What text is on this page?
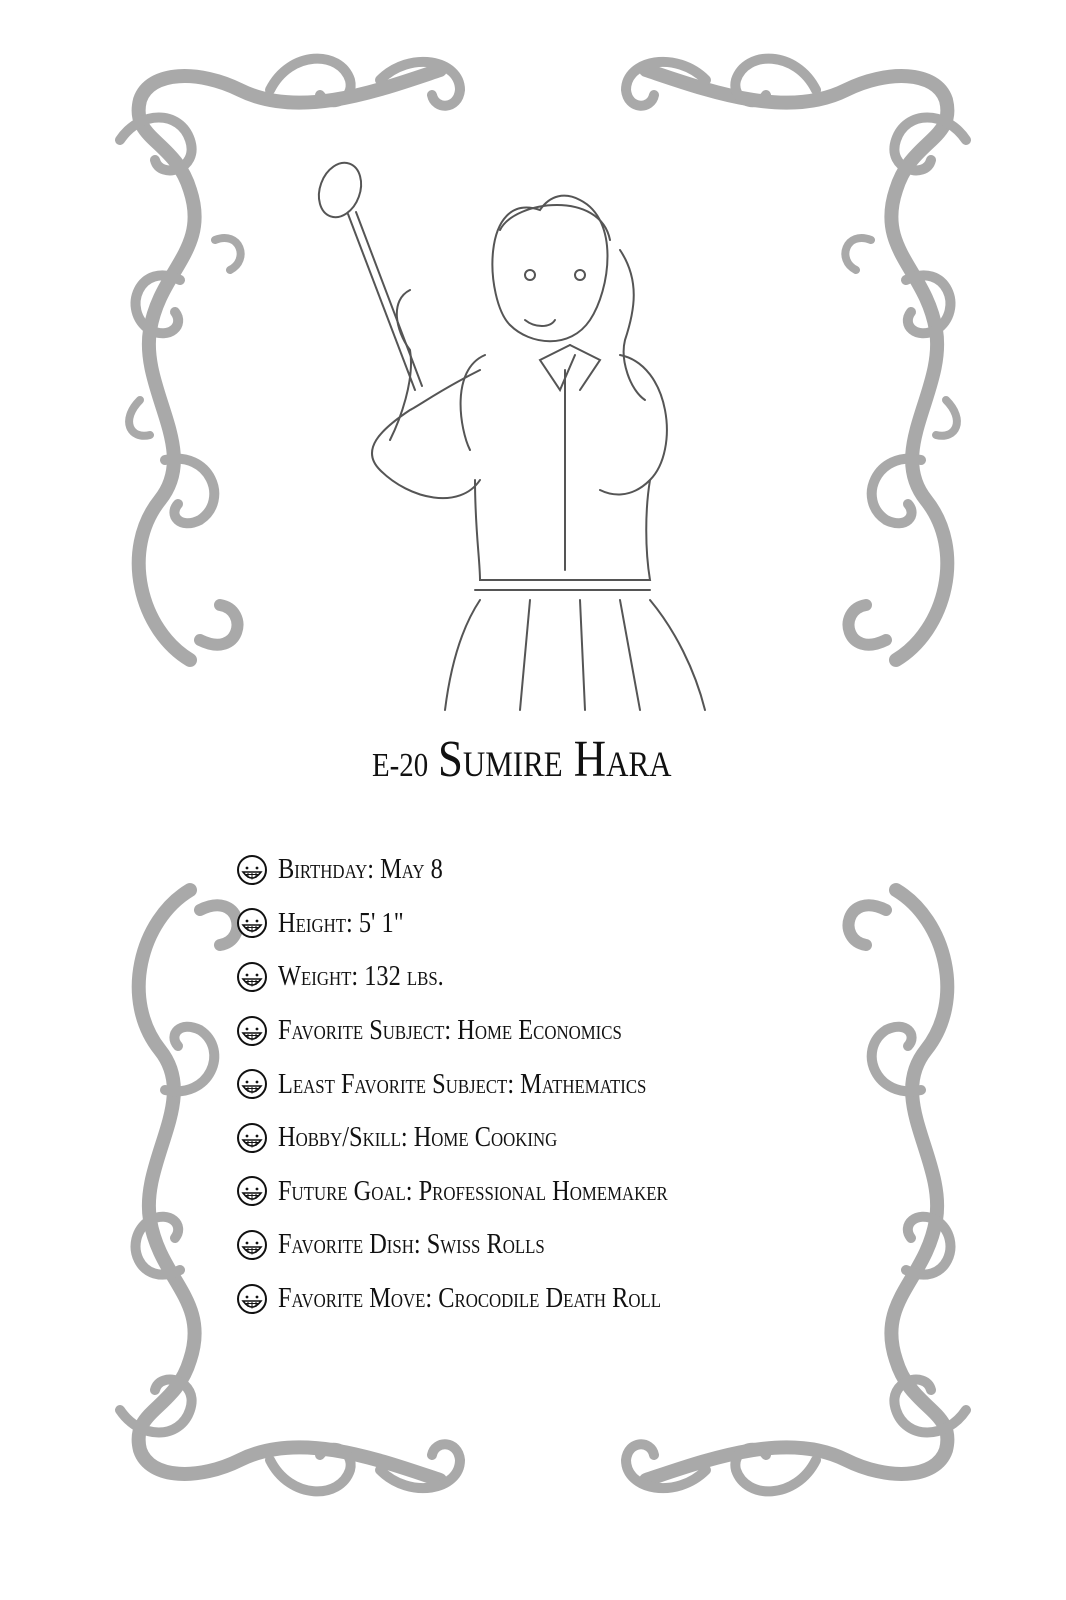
E-20 Sumire Hara
Birthday: May 8
Height: 5' 1"
Weight: 132 lbs.
Favorite Subject: Home Economics
Least Favorite Subject: Mathematics
Hobby/Skill: Home Cooking
Future Goal: Professional Homemaker
Favorite Dish: Swiss Rolls
Favorite Move: Crocodile Death Roll
